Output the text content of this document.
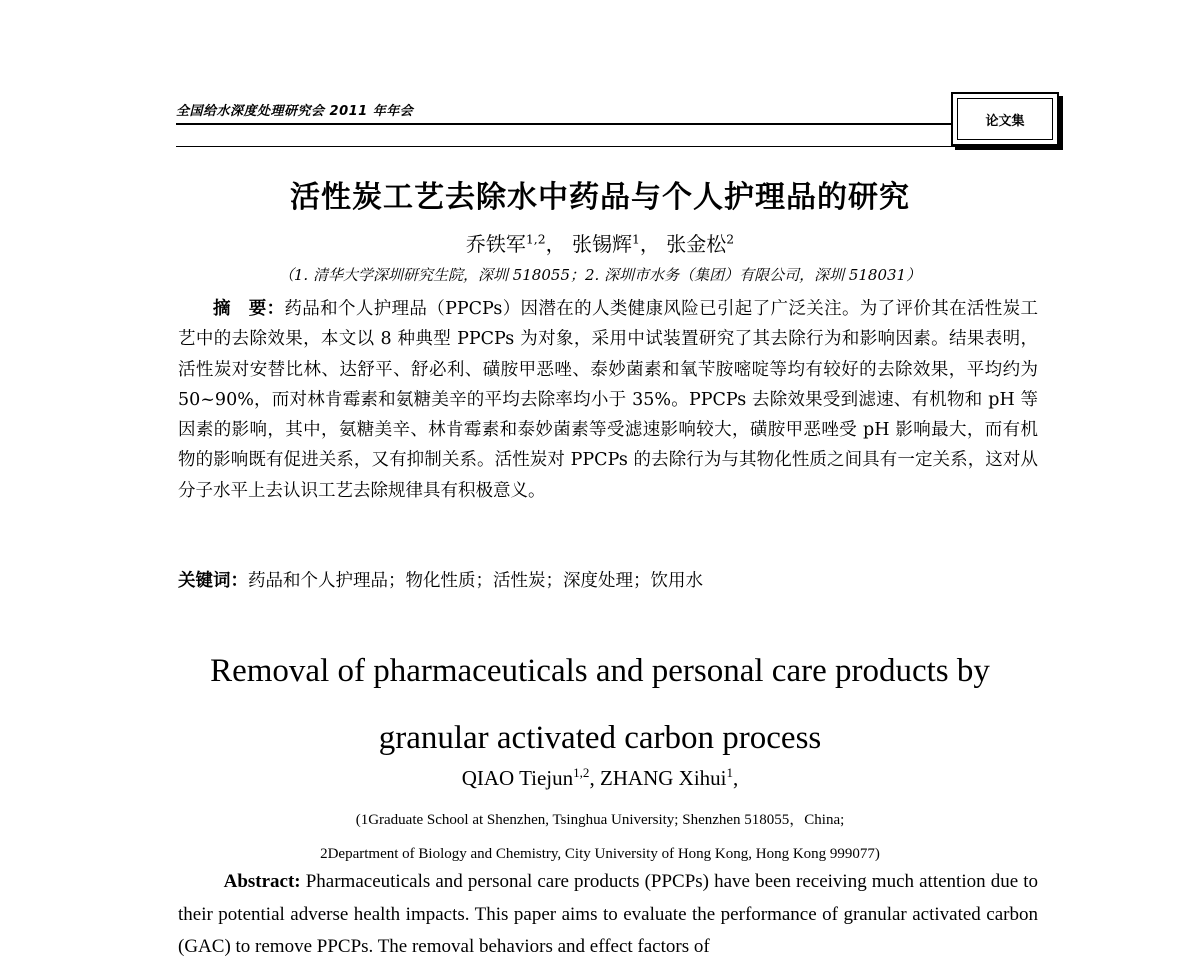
全国给水深度处理研究会 2011 年年会
论文集
活性炭工艺去除水中药品与个人护理品的研究
乔铁军$^{1,2}$， 张锡辉$^1$， 张金松$^2$
（1. 清华大学深圳研究生院，深圳 518055；2. 深圳市水务（集团）有限公司，深圳 518031）
摘　要：药品和个人护理品（PPCPs）因潜在的人类健康风险已引起了广泛关注。为了评价其在活性炭工艺中的去除效果，本文以 8 种典型 PPCPs 为对象，采用中试装置研究了其去除行为和影响因素。结果表明，活性炭对安替比林、达舒平、舒必利、磺胺甲恶唑、泰妙菌素和氧苄胺嘧啶等均有较好的去除效果，平均约为 50~90%，而对林肯霉素和氨糖美辛的平均去除率均小于 35%。PPCPs 去除效果受到滤速、有机物和 pH 等因素的影响，其中，氨糖美辛、林肯霉素和泰妙菌素等受滤速影响较大，磺胺甲恶唑受 pH 影响最大，而有机物的影响既有促进关系，又有抑制关系。活性炭对 PPCPs 的去除行为与其物化性质之间具有一定关系，这对从分子水平上去认识工艺去除规律具有积极意义。
关键词：药品和个人护理品；物化性质；活性炭；深度处理；饮用水
Removal of pharmaceuticals and personal care products by
granular activated carbon process
QIAO Tiejun$^{1,2}$, ZHANG Xihui$^1$,
(1Graduate School at Shenzhen, Tsinghua University; Shenzhen 518055，China;
2Department of Biology and Chemistry, City University of Hong Kong, Hong Kong 999077)
Abstract: Pharmaceuticals and personal care products (PPCPs) have been receiving much attention due to their potential adverse health impacts. This paper aims to evaluate the performance of granular activated carbon (GAC) to remove PPCPs. The removal behaviors and effect factors of
